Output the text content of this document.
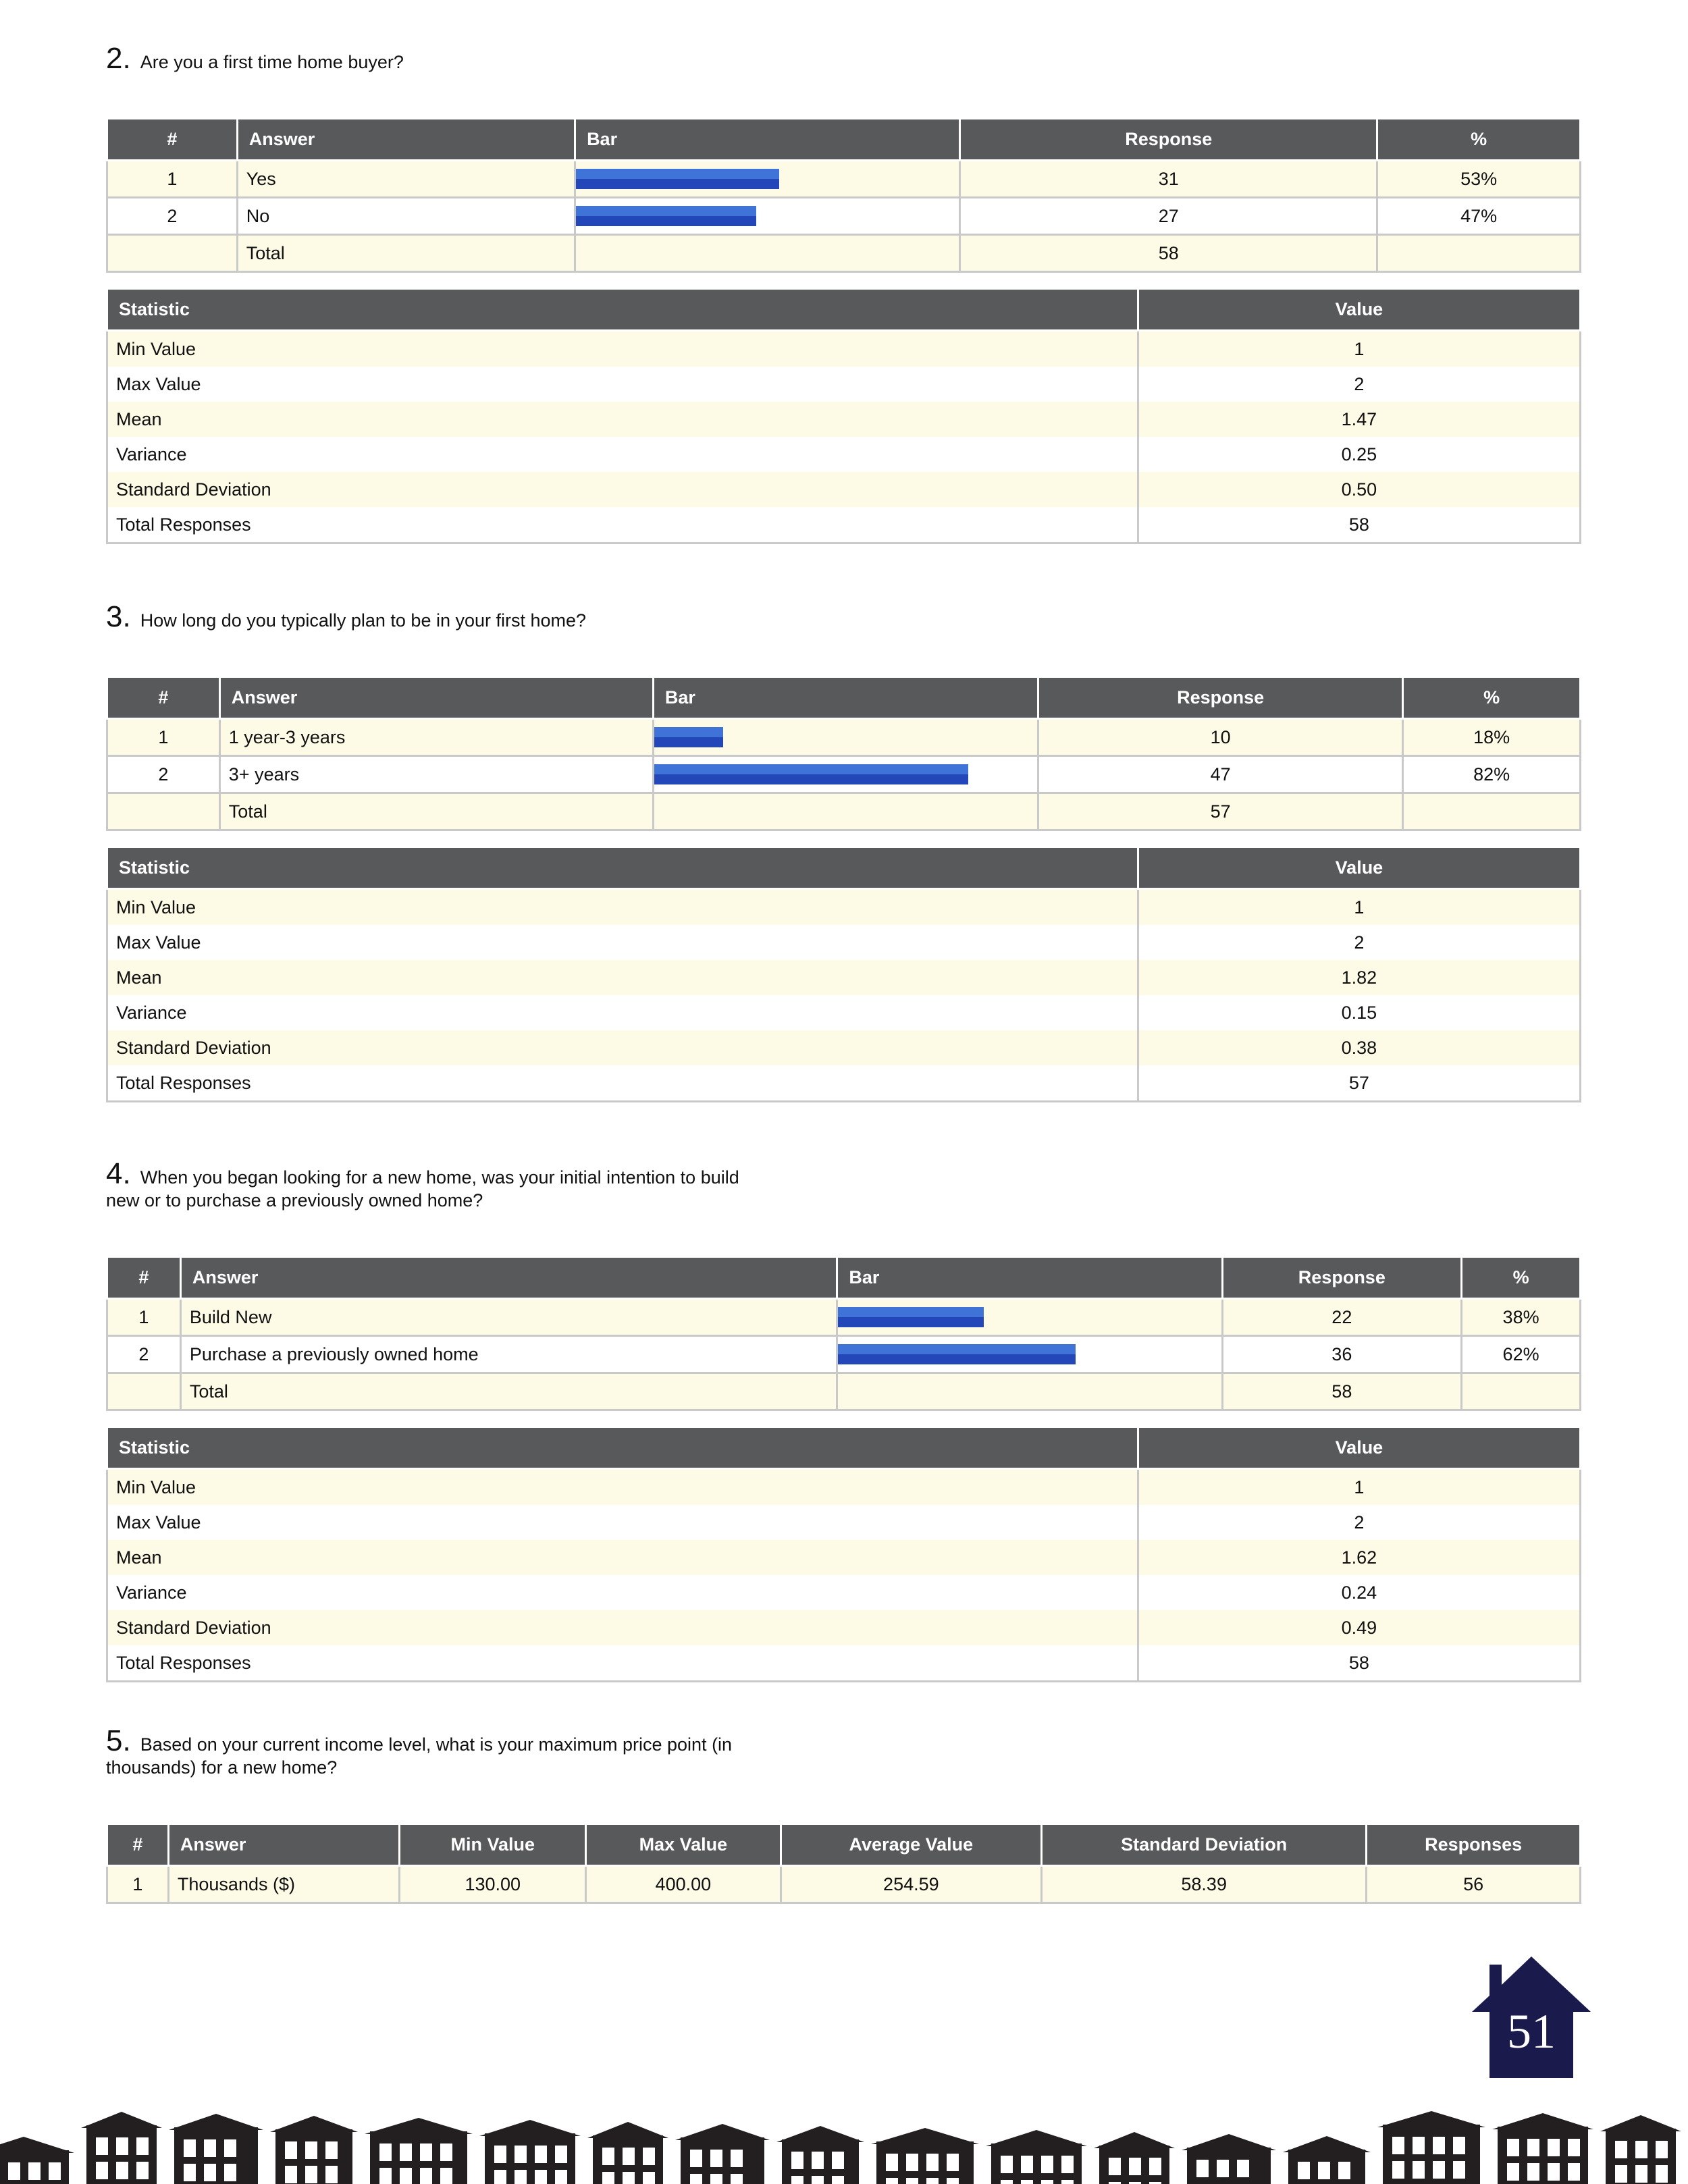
2. Are you a first time home buyer?
#	Answer	Bar	Response	%
1	Yes		31	53%
2	No		27	47%
	Total		58	
Statistic	Value
Min Value	1
Max Value	2
Mean	1.47
Variance	0.25
Standard Deviation	0.50
Total Responses	58
3. How long do you typically plan to be in your first home?
#	Answer	Bar	Response	%
1	1 year-3 years		10	18%
2	3+ years		47	82%
	Total		57	
Statistic	Value
Min Value	1
Max Value	2
Mean	1.82
Variance	0.15
Standard Deviation	0.38
Total Responses	57
4. When you began looking for a new home, was your initial intention to build
new or to purchase a previously owned home?
#	Answer	Bar	Response	%
1	Build New		22	38%
2	Purchase a previously owned home		36	62%
	Total		58	
Statistic	Value
Min Value	1
Max Value	2
Mean	1.62
Variance	0.24
Standard Deviation	0.49
Total Responses	58
5. Based on your current income level, what is your maximum price point (in
thousands) for a new home?
#	Answer	Min Value	Max Value	Average Value	Standard Deviation	Responses
1	Thousands ($)	130.00	400.00	254.59	58.39	56
51
